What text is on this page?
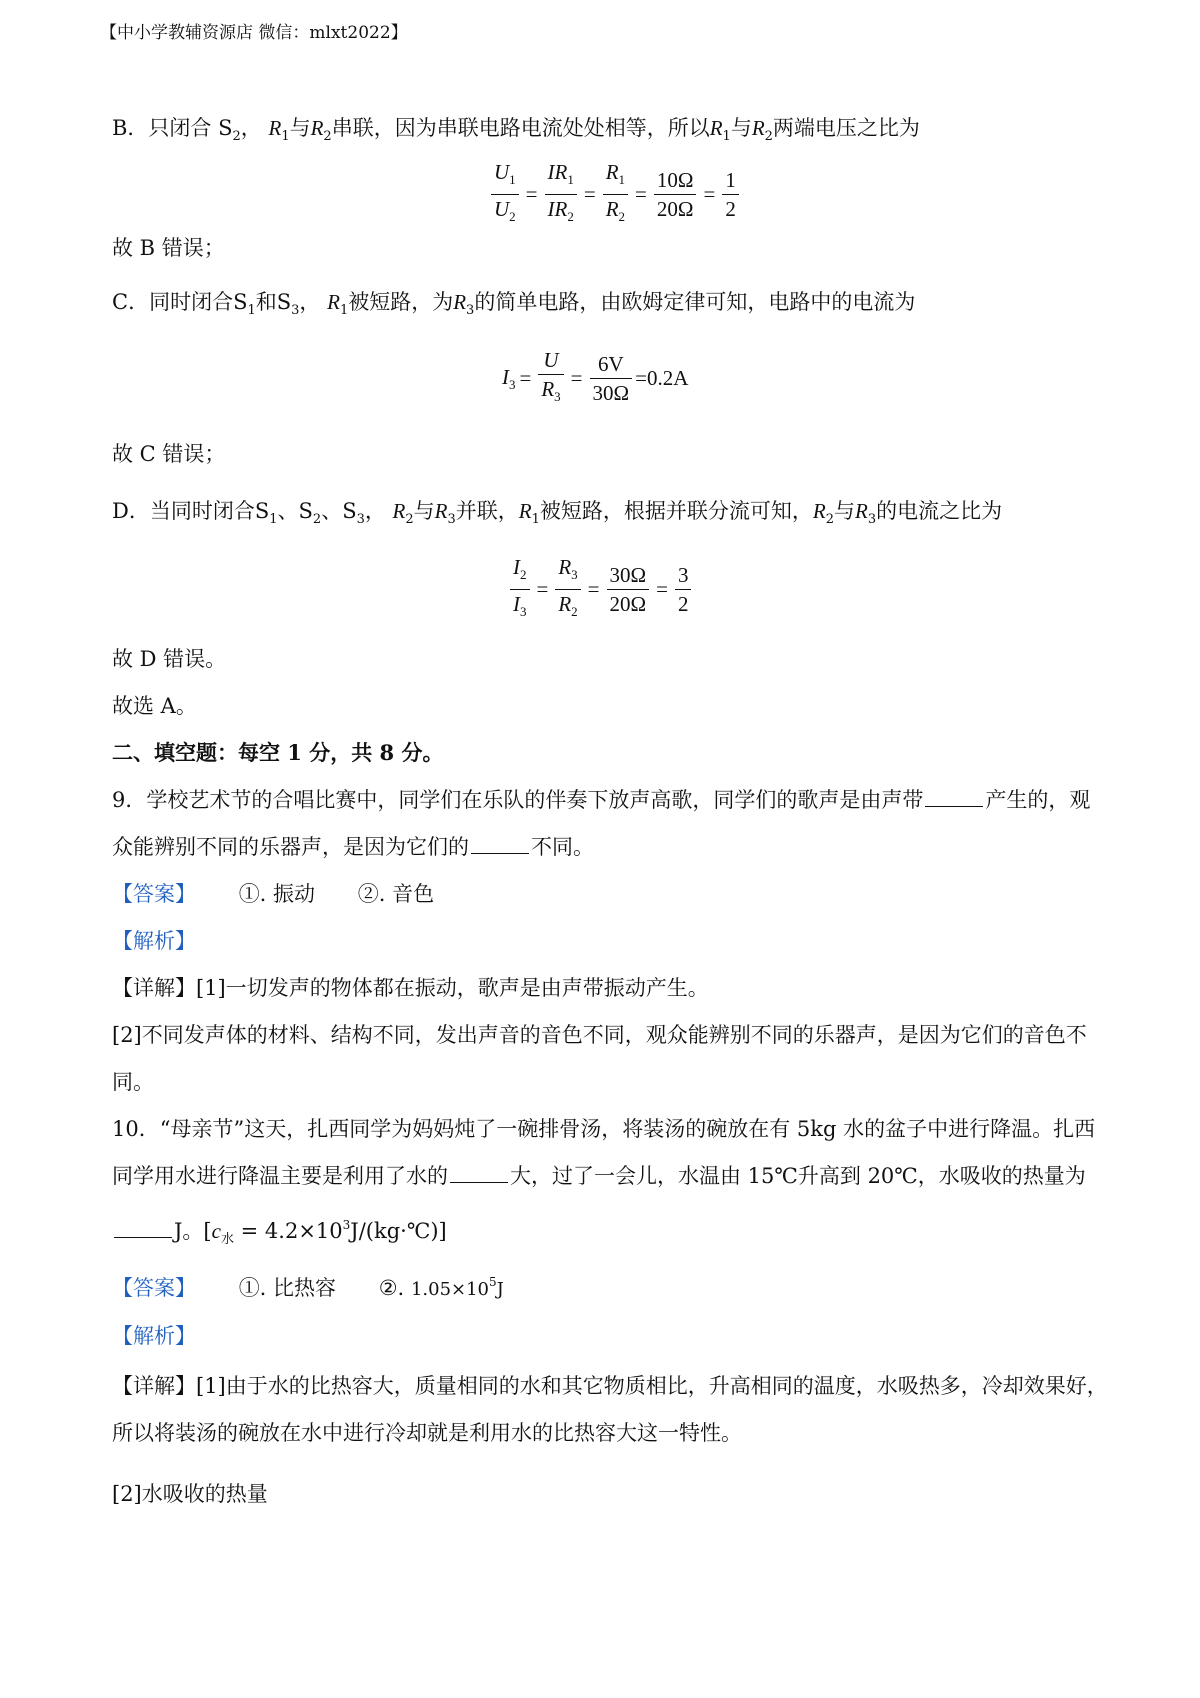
【中小学教辅资源店 微信：mlxt2022】
B．只闭合 $S_2$， $R_1$与$R_2$串联，因为串联电路电流处处相等，所以$R_1$与$R_2$两端电压之比为
$\frac{U_1}{U_2} = \frac{IR_1}{IR_2} = \frac{R_1}{R_2} = \frac{10\Omega}{20\Omega} = \frac{1}{2}$
故 B 错误；
C．同时闭合$S_1$和$S_3$， $R_1$被短路，为$R_3$的简单电路，由欧姆定律可知，电路中的电流为
$I_3 = \frac{U}{R_3} = \frac{6V}{30\Omega} =0.2A$
故 C 错误；
D．当同时闭合$S_1$、$S_2$、$S_3$， $R_2$与$R_3$并联，$R_1$被短路，根据并联分流可知，$R_2$与$R_3$的电流之比为
$\frac{I_2}{I_3} = \frac{R_3}{R_2} = \frac{30\Omega}{20\Omega} = \frac{3}{2}$
故 D 错误。
故选 A。
二、填空题：每空 1 分，共 8 分。
9．学校艺术节的合唱比赛中，同学们在乐队的伴奏下放声高歌，同学们的歌声是由声带	产生的，观
众能辨别不同的乐器声，是因为它们的	不同。
【答案】 ①. 振动 ②. 音色
【解析】
【详解】[1]一切发声的物体都在振动，歌声是由声带振动产生。
[2]不同发声体的材料、结构不同，发出声音的音色不同，观众能辨别不同的乐器声，是因为它们的音色不
同。
10．“母亲节”这天，扎西同学为妈妈炖了一碗排骨汤，将装汤的碗放在有 5kg 水的盆子中进行降温。扎西
同学用水进行降温主要是利用了水的	大，过了一会儿，水温由 15℃升高到 20℃，水吸收的热量为
J。[$c_水$ = $4.2\times 10^3J/(kg\cdot℃)$]
【答案】 ①. 比热容 ②. $1.05\times 10^5J$
【解析】
【详解】[1]由于水的比热容大，质量相同的水和其它物质相比，升高相同的温度，水吸热多，冷却效果好，
所以将装汤的碗放在水中进行冷却就是利用水的比热容大这一特性。
[2]水吸收的热量
